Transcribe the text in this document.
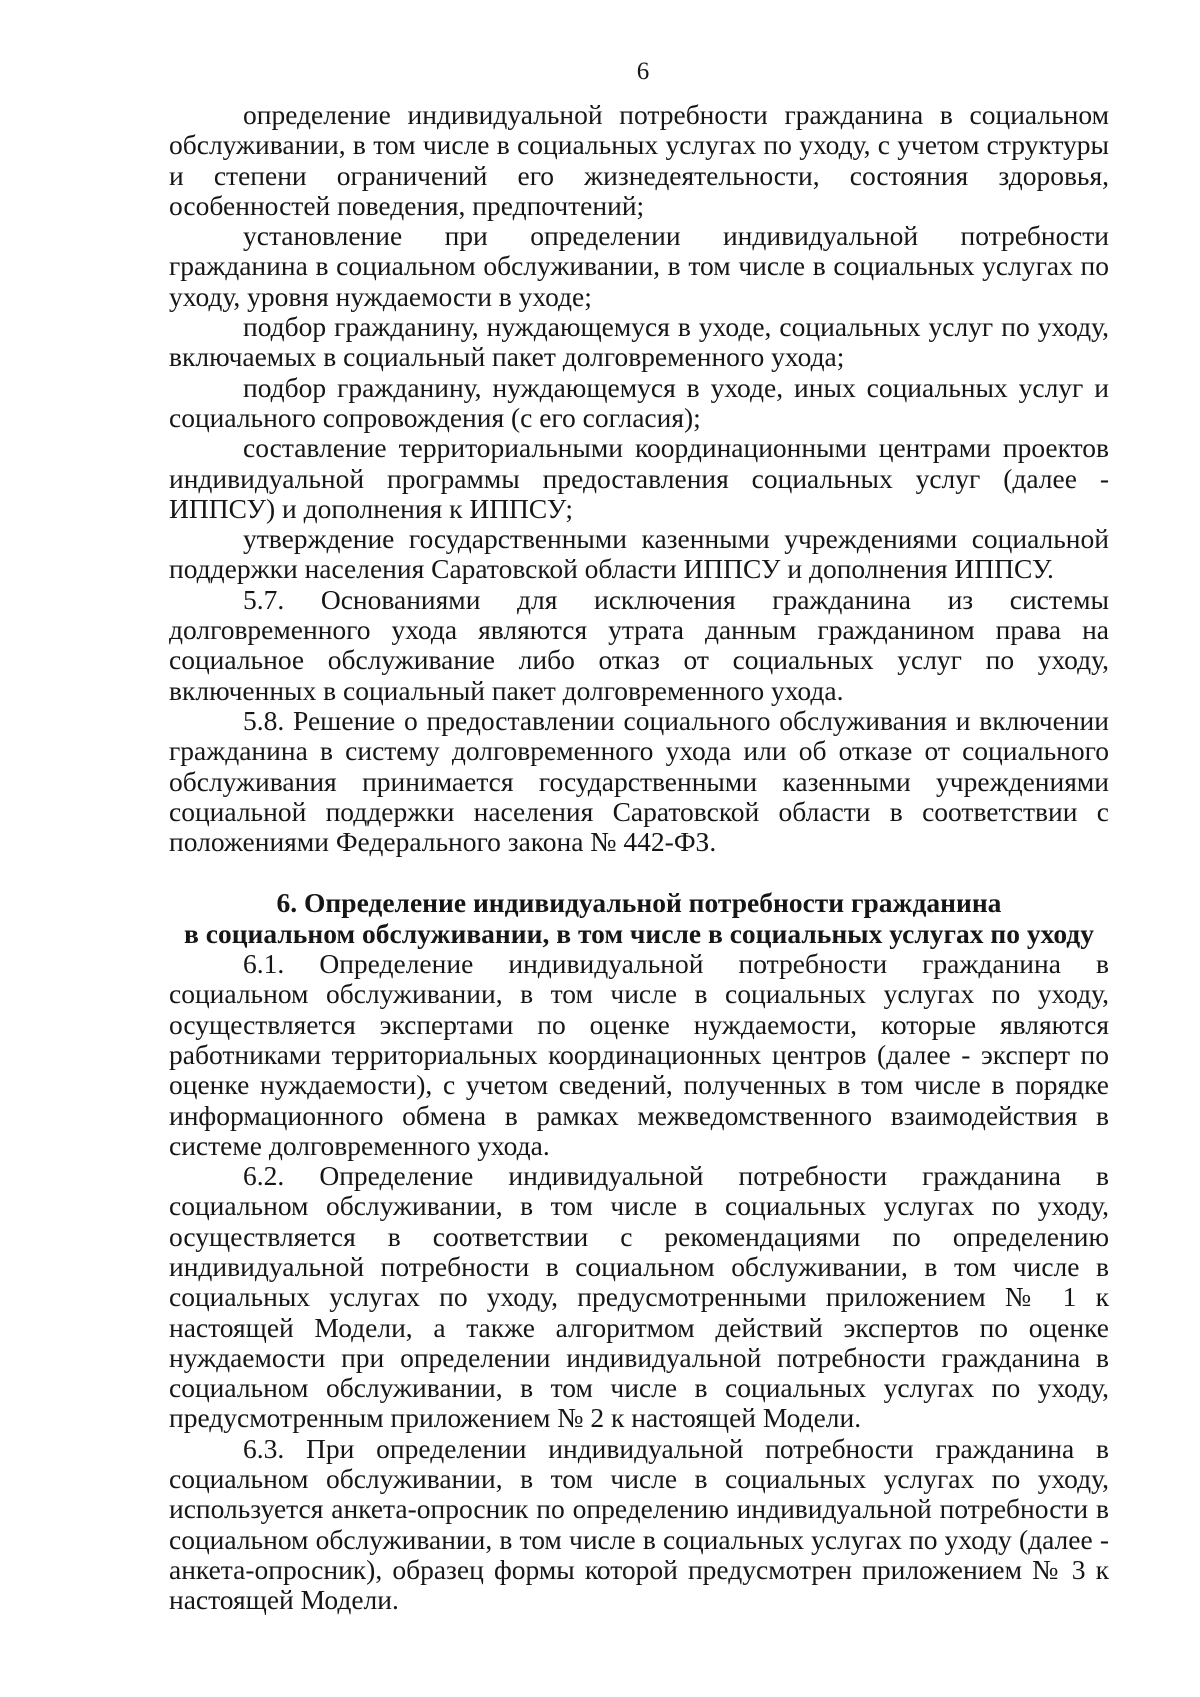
6

определение индивидуальной потребности гражданина в социальном обслуживании, в том числе в социальных услугах по уходу, с учетом структуры и степени ограничений его жизнедеятельности, состояния здоровья, особенностей поведения, предпочтений;

установление при определении индивидуальной потребности гражданина в социальном обслуживании, в том числе в социальных услугах по уходу, уровня нуждаемости в уходе;

подбор гражданину, нуждающемуся в уходе, социальных услуг по уходу, включаемых в социальный пакет долговременного ухода;

подбор гражданину, нуждающемуся в уходе, иных социальных услуг и социального сопровождения (с его согласия);

составление территориальными координационными центрами проектов индивидуальной программы предоставления социальных услуг (далее - ИППСУ) и дополнения к ИППСУ;

утверждение государственными казенными учреждениями социальной поддержки населения Саратовской области ИППСУ и дополнения ИППСУ.

5.7. Основаниями для исключения гражданина из системы долговременного ухода являются утрата данным гражданином права на социальное обслуживание либо отказ от социальных услуг по уходу, включенных в социальный пакет долговременного ухода.

5.8. Решение о предоставлении социального обслуживания и включении гражданина в систему долговременного ухода или об отказе от социального обслуживания принимается государственными казенными учреждениями социальной поддержки населения Саратовской области в соответствии с положениями Федерального закона № 442-ФЗ.

6. Определение индивидуальной потребности гражданина

в социальном обслуживании, в том числе в социальных услугах по уходу

6.1. Определение индивидуальной потребности гражданина в социальном обслуживании, в том числе в социальных услугах по уходу, осуществляется экспертами по оценке нуждаемости, которые являются работниками территориальных координационных центров (далее - эксперт по оценке нуждаемости), с учетом сведений, полученных в том числе в порядке информационного обмена в рамках межведомственного взаимодействия в системе долговременного ухода.

6.2. Определение индивидуальной потребности гражданина в социальном обслуживании, в том числе в социальных услугах по уходу, осуществляется в соответствии с рекомендациями по определению индивидуальной потребности в социальном обслуживании, в том числе в социальных услугах по уходу, предусмотренными приложением № 1 к настоящей Модели, а также алгоритмом действий экспертов по оценке нуждаемости при определении индивидуальной потребности гражданина в социальном обслуживании, в том числе в социальных услугах по уходу, предусмотренным приложением № 2 к настоящей Модели.

6.3. При определении индивидуальной потребности гражданина в социальном обслуживании, в том числе в социальных услугах по уходу, используется анкета-опросник по определению индивидуальной потребности в социальном обслуживании, в том числе в социальных услугах по уходу (далее - анкета-опросник), образец формы которой предусмотрен приложением № 3 к настоящей Модели.
